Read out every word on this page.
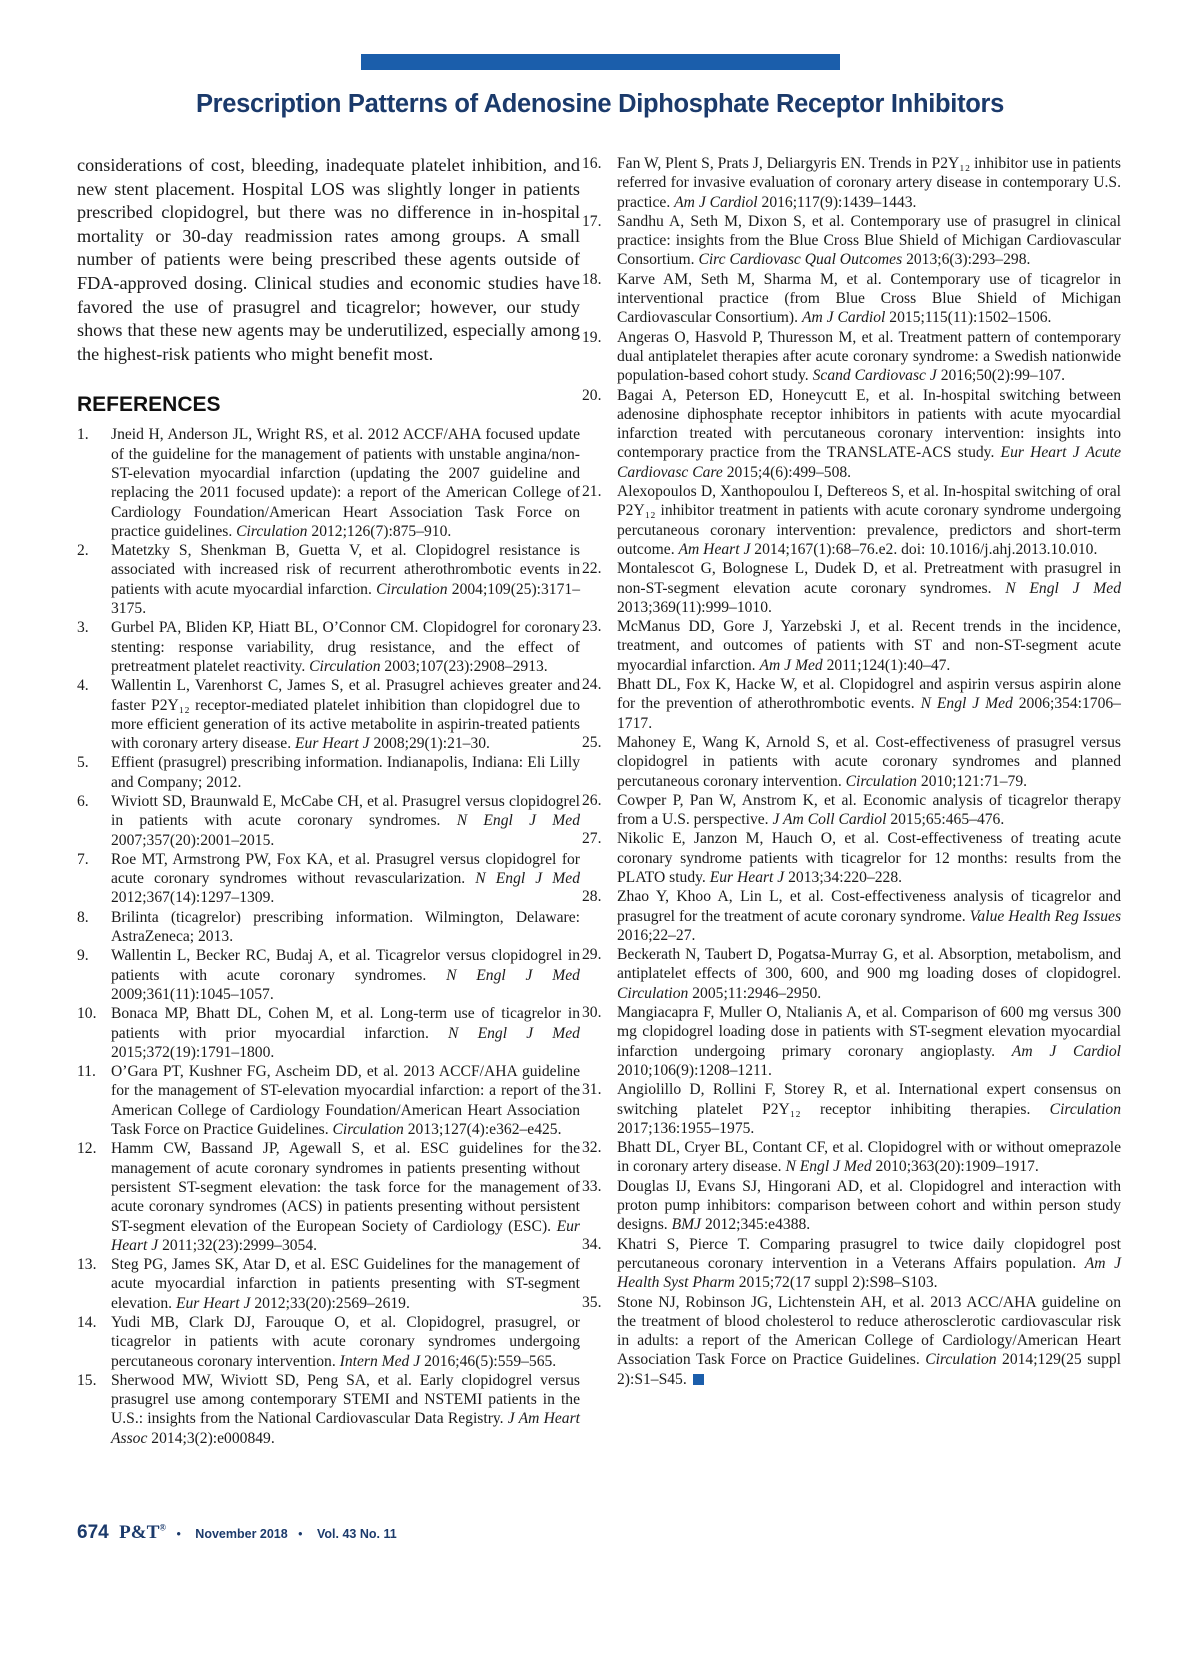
Prescription Patterns of Adenosine Diphosphate Receptor Inhibitors

considerations of cost, bleeding, inadequate platelet inhibition, and new stent placement. Hospital LOS was slightly longer in patients prescribed clopidogrel, but there was no difference in in-hospital mortality or 30-day readmission rates among groups. A small number of patients were being prescribed these agents outside of FDA-approved dosing. Clinical studies and economic studies have favored the use of prasugrel and ticagrelor; however, our study shows that these new agents may be underutilized, especially among the highest-risk patients who might benefit most.

REFERENCES
1.	Jneid H, Anderson JL, Wright RS, et al. 2012 ACCF/AHA focused update of the guideline for the management of patients with unstable angina/non-ST-elevation myocardial infarction (updating the 2007 guideline and replacing the 2011 focused update): a report of the American College of Cardiology Foundation/American Heart Association Task Force on practice guidelines. Circulation 2012;126(7):875–910.
2.	Matetzky S, Shenkman B, Guetta V, et al. Clopidogrel resistance is associated with increased risk of recurrent atherothrombotic events in patients with acute myocardial infarction. Circulation 2004;109(25):3171–3175.
3.	Gurbel PA, Bliden KP, Hiatt BL, O’Connor CM. Clopidogrel for coronary stenting: response variability, drug resistance, and the effect of pretreatment platelet reactivity. Circulation 2003;107(23):2908–2913.
4.	Wallentin L, Varenhorst C, James S, et al. Prasugrel achieves greater and faster P2Y₁₂ receptor-mediated platelet inhibition than clopidogrel due to more efficient generation of its active metabolite in aspirin-treated patients with coronary artery disease. Eur Heart J 2008;29(1):21–30.
5.	Effient (prasugrel) prescribing information. Indianapolis, Indiana: Eli Lilly and Company; 2012.
6.	Wiviott SD, Braunwald E, McCabe CH, et al. Prasugrel versus clopidogrel in patients with acute coronary syndromes. N Engl J Med 2007;357(20):2001–2015.
7.	Roe MT, Armstrong PW, Fox KA, et al. Prasugrel versus clopidogrel for acute coronary syndromes without revascularization. N Engl J Med 2012;367(14):1297–1309.
8.	Brilinta (ticagrelor) prescribing information. Wilmington, Delaware: AstraZeneca; 2013.
9.	Wallentin L, Becker RC, Budaj A, et al. Ticagrelor versus clopidogrel in patients with acute coronary syndromes. N Engl J Med 2009;361(11):1045–1057.
10. Bonaca MP, Bhatt DL, Cohen M, et al. Long-term use of ticagrelor in patients with prior myocardial infarction. N Engl J Med 2015;372(19):1791–1800.
11. O’Gara PT, Kushner FG, Ascheim DD, et al. 2013 ACCF/AHA guideline for the management of ST-elevation myocardial infarction: a report of the American College of Cardiology Foundation/American Heart Association Task Force on Practice Guidelines. Circulation 2013;127(4):e362–e425.
12. Hamm CW, Bassand JP, Agewall S, et al. ESC guidelines for the management of acute coronary syndromes in patients presenting without persistent ST-segment elevation: the task force for the management of acute coronary syndromes (ACS) in patients presenting without persistent ST-segment elevation of the European Society of Cardiology (ESC). Eur Heart J 2011;32(23):2999–3054.
13. Steg PG, James SK, Atar D, et al. ESC Guidelines for the management of acute myocardial infarction in patients presenting with ST-segment elevation. Eur Heart J 2012;33(20):2569–2619.
14. Yudi MB, Clark DJ, Farouque O, et al. Clopidogrel, prasugrel, or ticagrelor in patients with acute coronary syndromes undergoing percutaneous coronary intervention. Intern Med J 2016;46(5):559–565.
15. Sherwood MW, Wiviott SD, Peng SA, et al. Early clopidogrel versus prasugrel use among contemporary STEMI and NSTEMI patients in the U.S.: insights from the National Cardiovascular Data Registry. J Am Heart Assoc 2014;3(2):e000849.
16. Fan W, Plent S, Prats J, Deliargyris EN. Trends in P2Y₁₂ inhibitor use in patients referred for invasive evaluation of coronary artery disease in contemporary U.S. practice. Am J Cardiol 2016;117(9):1439–1443.
17. Sandhu A, Seth M, Dixon S, et al. Contemporary use of prasugrel in clinical practice: insights from the Blue Cross Blue Shield of Michigan Cardiovascular Consortium. Circ Cardiovasc Qual Outcomes 2013;6(3):293–298.
18. Karve AM, Seth M, Sharma M, et al. Contemporary use of ticagrelor in interventional practice (from Blue Cross Blue Shield of Michigan Cardiovascular Consortium). Am J Cardiol 2015;115(11):1502–1506.
19. Angeras O, Hasvold P, Thuresson M, et al. Treatment pattern of contemporary dual antiplatelet therapies after acute coronary syndrome: a Swedish nationwide population-based cohort study. Scand Cardiovasc J 2016;50(2):99–107.
20. Bagai A, Peterson ED, Honeycutt E, et al. In-hospital switching between adenosine diphosphate receptor inhibitors in patients with acute myocardial infarction treated with percutaneous coronary intervention: insights into contemporary practice from the TRANSLATE-ACS study. Eur Heart J Acute Cardiovasc Care 2015;4(6):499–508.
21. Alexopoulos D, Xanthopoulou I, Deftereos S, et al. In-hospital switching of oral P2Y₁₂ inhibitor treatment in patients with acute coronary syndrome undergoing percutaneous coronary intervention: prevalence, predictors and short-term outcome. Am Heart J 2014;167(1):68–76.e2. doi: 10.1016/j.ahj.2013.10.010.
22. Montalescot G, Bolognese L, Dudek D, et al. Pretreatment with prasugrel in non-ST-segment elevation acute coronary syndromes. N Engl J Med 2013;369(11):999–1010.
23. McManus DD, Gore J, Yarzebski J, et al. Recent trends in the incidence, treatment, and outcomes of patients with ST and non-ST-segment acute myocardial infarction. Am J Med 2011;124(1):40–47.
24. Bhatt DL, Fox K, Hacke W, et al. Clopidogrel and aspirin versus aspirin alone for the prevention of atherothrombotic events. N Engl J Med 2006;354:1706–1717.
25. Mahoney E, Wang K, Arnold S, et al. Cost-effectiveness of prasugrel versus clopidogrel in patients with acute coronary syndromes and planned percutaneous coronary intervention. Circulation 2010;121:71–79.
26. Cowper P, Pan W, Anstrom K, et al. Economic analysis of ticagrelor therapy from a U.S. perspective. J Am Coll Cardiol 2015;65:465–476.
27. Nikolic E, Janzon M, Hauch O, et al. Cost-effectiveness of treating acute coronary syndrome patients with ticagrelor for 12 months: results from the PLATO study. Eur Heart J 2013;34:220–228.
28. Zhao Y, Khoo A, Lin L, et al. Cost-effectiveness analysis of ticagrelor and prasugrel for the treatment of acute coronary syndrome. Value Health Reg Issues 2016;22–27.
29. Beckerath N, Taubert D, Pogatsa-Murray G, et al. Absorption, metabolism, and antiplatelet effects of 300, 600, and 900 mg loading doses of clopidogrel. Circulation 2005;11:2946–2950.
30. Mangiacapra F, Muller O, Ntalianis A, et al. Comparison of 600 mg versus 300 mg clopidogrel loading dose in patients with ST-segment elevation myocardial infarction undergoing primary coronary angioplasty. Am J Cardiol 2010;106(9):1208–1211.
31. Angiolillo D, Rollini F, Storey R, et al. International expert consensus on switching platelet P2Y₁₂ receptor inhibiting therapies. Circulation 2017;136:1955–1975.
32. Bhatt DL, Cryer BL, Contant CF, et al. Clopidogrel with or without omeprazole in coronary artery disease. N Engl J Med 2010;363(20):1909–1917.
33. Douglas IJ, Evans SJ, Hingorani AD, et al. Clopidogrel and interaction with proton pump inhibitors: comparison between cohort and within person study designs. BMJ 2012;345:e4388.
34. Khatri S, Pierce T. Comparing prasugrel to twice daily clopidogrel post percutaneous coronary intervention in a Veterans Affairs population. Am J Health Syst Pharm 2015;72(17 suppl 2):S98–S103.
35. Stone NJ, Robinson JG, Lichtenstein AH, et al. 2013 ACC/AHA guideline on the treatment of blood cholesterol to reduce atherosclerotic cardiovascular risk in adults: a report of the American College of Cardiology/American Heart Association Task Force on Practice Guidelines. Circulation 2014;129(25 suppl 2):S1–S45.
674 P&T® • November 2018 • Vol. 43 No. 11
